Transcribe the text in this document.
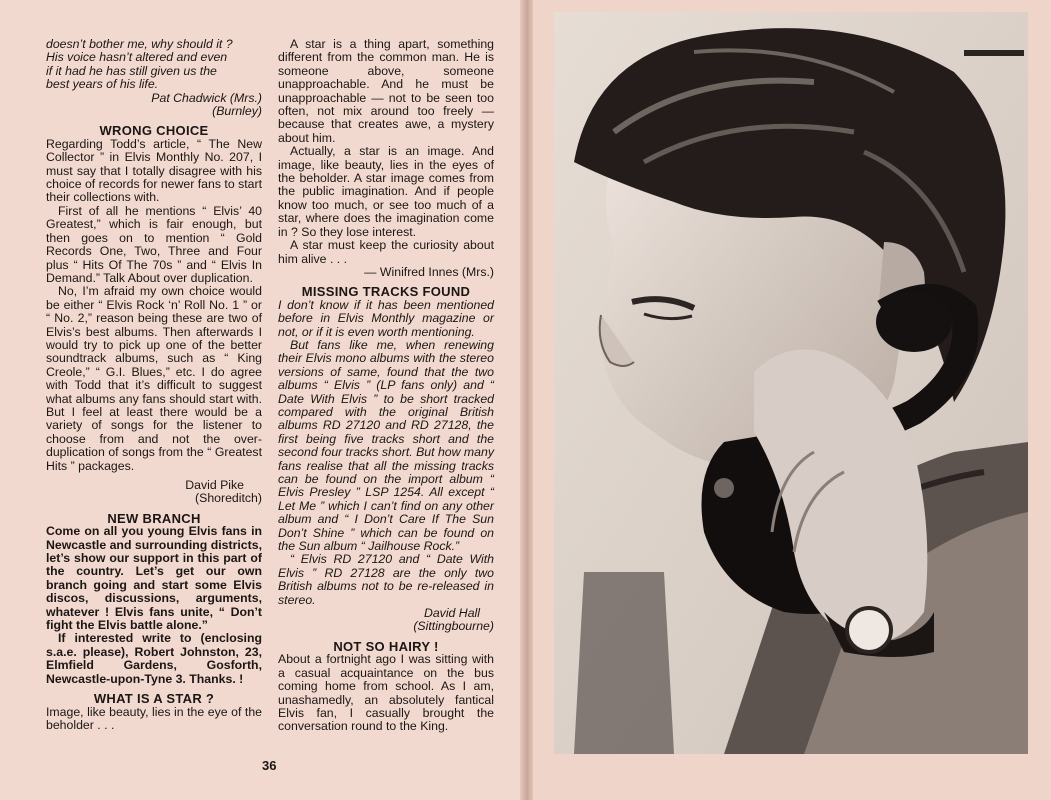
doesn’t bother me, why should it ?

His voice hasn’t altered and even

if it had he has still given us the

best years of his life.

Pat Chadwick (Mrs.)

(Burnley)

WRONG CHOICE

Regarding Todd’s article, “ The New Collector ” in Elvis Monthly No. 207, I must say that I totally disagree with his choice of records for newer fans to start their collections with.

First of all he mentions “ Elvis’ 40 Greatest,” which is fair enough, but then goes on to mention “ Gold Records One, Two, Three and Four plus “ Hits Of The 70s ” and “ Elvis In Demand.” Talk About over duplication.

No, I’m afraid my own choice would be either “ Elvis Rock ‘n’ Roll No. 1 ” or “ No. 2,” reason being these are two of Elvis’s best albums. Then afterwards I would try to pick up one of the better soundtrack albums, such as “ King Creole,” “ G.I. Blues,” etc. I do agree with Todd that it’s difficult to suggest what albums any fans should start with. But I feel at least there would be a variety of songs for the listener to choose from and not the over-duplication of songs from the “ Greatest Hits ” packages.

David Pike

(Shoreditch)

NEW BRANCH

Come on all you young Elvis fans in Newcastle and surrounding districts, let’s show our support in this part of the country. Let’s get our own branch going and start some Elvis discos, discussions, arguments, whatever ! Elvis fans unite, “ Don’t fight the Elvis battle alone.”

If interested write to (enclosing s.a.e. please), Robert Johnston, 23, Elmfield Gardens, Gosforth, Newcastle-upon-Tyne 3. Thanks. !

WHAT IS A STAR ?

Image, like beauty, lies in the eye of the beholder . . .

A star is a thing apart, something different from the common man. He is someone above, someone unapproachable. And he must be unapproachable — not to be seen too often, not mix around too freely — because that creates awe, a mystery about him.

Actually, a star is an image. And image, like beauty, lies in the eyes of the beholder. A star image comes from the public imagination. And if people know too much, or see too much of a star, where does the imagination come in ? So they lose interest.

A star must keep the curiosity about him alive . . .

— Winifred Innes (Mrs.)

MISSING TRACKS FOUND

I don’t know if it has been mentioned before in Elvis Monthly magazine or not, or if it is even worth mentioning.

But fans like me, when renewing their Elvis mono albums with the stereo versions of same, found that the two albums “ Elvis ” (LP fans only) and “ Date With Elvis ” to be short tracked compared with the original British albums RD 27120 and RD 27128, the first being five tracks short and the second four tracks short. But how many fans realise that all the missing tracks can be found on the import album “ Elvis Presley ” LSP 1254. All except “ Let Me ” which I can’t find on any other album and “ I Don’t Care If The Sun Don’t Shine ” which can be found on the Sun album “ Jailhouse Rock.”

“ Elvis RD 27120 and “ Date With Elvis ” RD 27128 are the only two British albums not to be re-released in stereo.

David Hall

(Sittingbourne)

NOT SO HAIRY !

About a fortnight ago I was sitting with a casual acquaintance on the bus coming home from school. As I am, unashamedly, an absolutely fantical Elvis fan, I casually brought the conversation round to the King.

36
